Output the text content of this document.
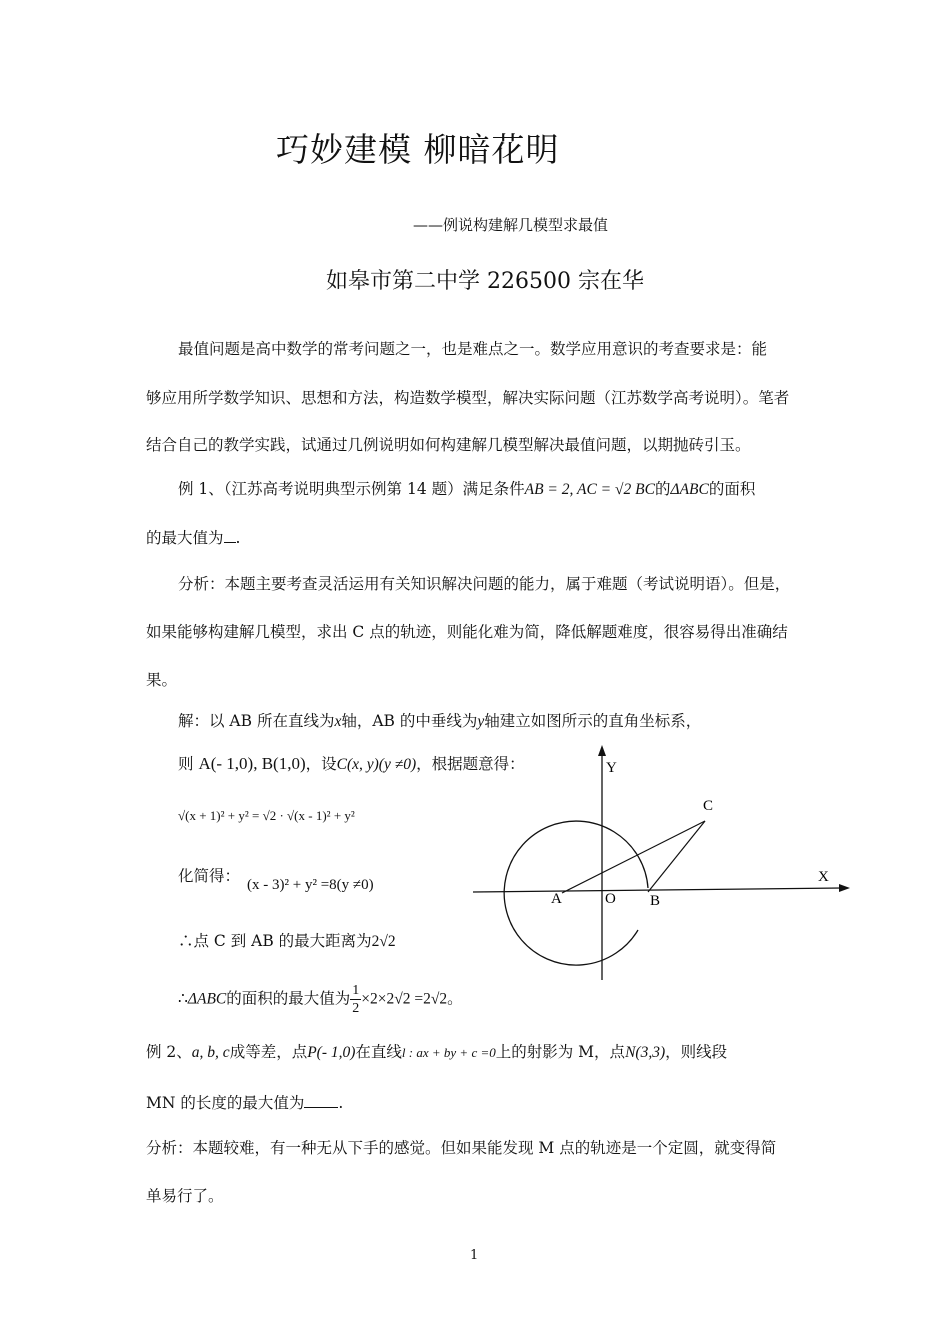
巧妙建模 柳暗花明
——例说构建解几模型求最值
如皋市第二中学 226500 宗在华
最值问题是高中数学的常考问题之一，也是难点之一。数学应用意识的考查要求是：能
够应用所学数学知识、思想和方法，构造数学模型，解决实际问题（江苏数学高考说明）。笔者
结合自己的教学实践，试通过几例说明如何构建解几模型解决最值问题，以期抛砖引玉。
例 1、（江苏高考说明典型示例第 14 题）满足条件AB = 2, AC = √2 BC的ΔABC的面积
的最大值为 .
分析：本题主要考查灵活运用有关知识解决问题的能力，属于难题（考试说明语）。但是，
如果能够构建解几模型，求出 C 点的轨迹，则能化难为简，降低解题难度，很容易得出准确结
果。
解：以 AB 所在直线为x轴，AB 的中垂线为y轴建立如图所示的直角坐标系，
则 A(- 1,0), B(1,0)，设C(x, y)(y ≠0)，根据题意得：
√(x + 1)² + y² = √2 · √(x - 1)² + y²
化简得： (x - 3)² + y² =8(y ≠0)
∴点 C 到 AB 的最大距离为2√2
∴ΔABC的面积的最大值为 $\frac{1}{2} \times 2\times 2√2 =2√2$。
Y
X
C
A	O B
例 2、a, b, c成等差，点P(- 1,0)在直线l : ax + by + c =0上的射影为 M，点N(3,3)，则线段
MN 的长度的最大值为 .
分析：本题较难，有一种无从下手的感觉。但如果能发现 M 点的轨迹是一个定圆，就变得简
单易行了。
1
